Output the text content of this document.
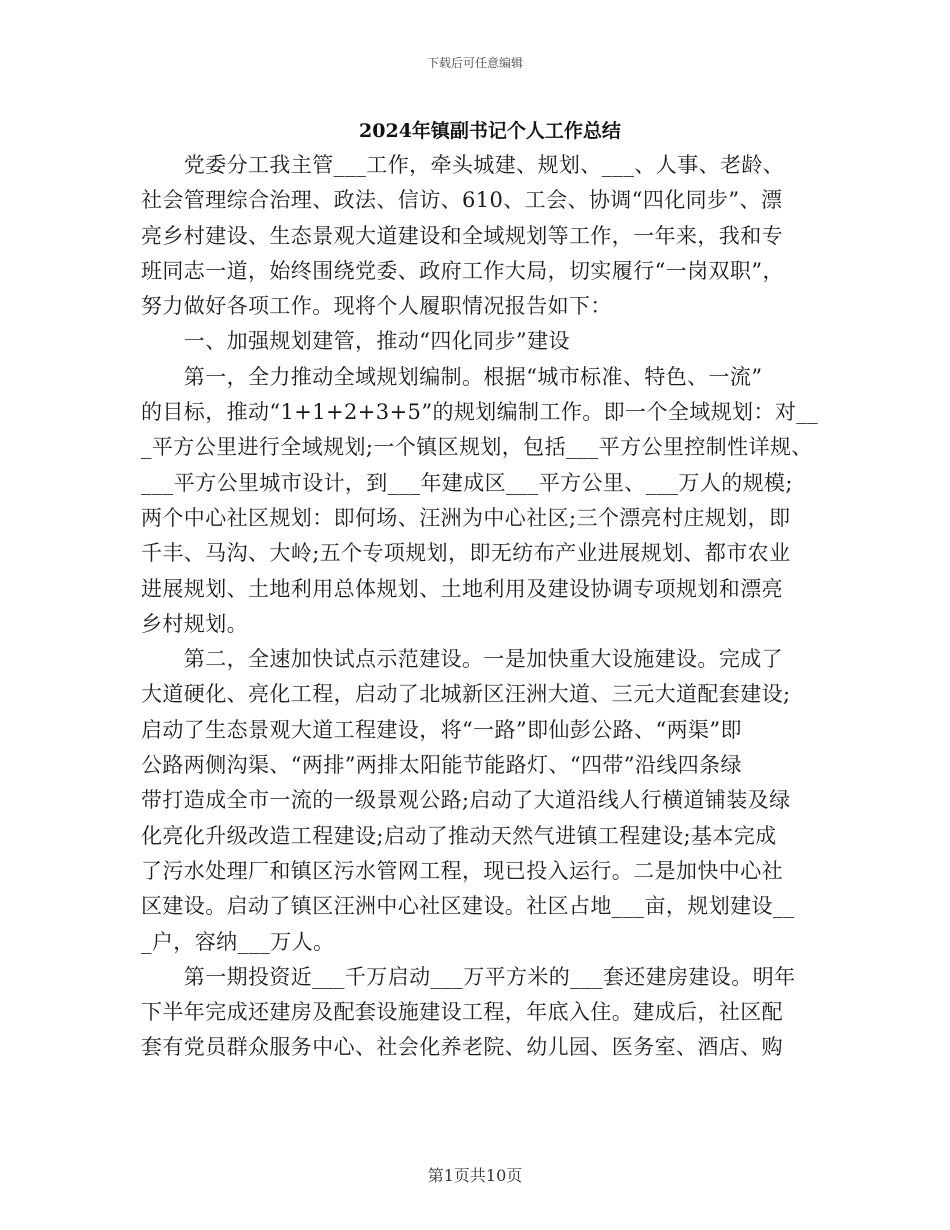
下载后可任意编辑
2024年镇副书记个人工作总结
　　党委分工我主管___工作，牵头城建、规划、___、人事、老龄、
社会管理综合治理、政法、信访、610、工会、协调“四化同步”、漂
亮乡村建设、生态景观大道建设和全域规划等工作，一年来，我和专
班同志一道，始终围绕党委、政府工作大局，切实履行“一岗双职”，
努力做好各项工作。现将个人履职情况报告如下：
　　一、加强规划建管，推动“四化同步”建设
　　第一，全力推动全域规划编制。根据“城市标准、特色、一流”
的目标，推动“1+1+2+3+5”的规划编制工作。即一个全域规划：对__
_平方公里进行全域规划;一个镇区规划，包括___平方公里控制性详规、
___平方公里城市设计，到___年建成区___平方公里、___万人的规模;
两个中心社区规划：即何场、汪洲为中心社区;三个漂亮村庄规划，即
千丰、马沟、大岭;五个专项规划，即无纺布产业进展规划、都市农业
进展规划、土地利用总体规划、土地利用及建设协调专项规划和漂亮
乡村规划。
　　第二，全速加快试点示范建设。一是加快重大设施建设。完成了
大道硬化、亮化工程，启动了北城新区汪洲大道、三元大道配套建设;
启动了生态景观大道工程建设，将“一路”即仙彭公路、“两渠”即
公路两侧沟渠、“两排”两排太阳能节能路灯、“四带”沿线四条绿
带打造成全市一流的一级景观公路;启动了大道沿线人行横道铺装及绿
化亮化升级改造工程建设;启动了推动天然气进镇工程建设;基本完成
了污水处理厂和镇区污水管网工程，现已投入运行。二是加快中心社
区建设。启动了镇区汪洲中心社区建设。社区占地___亩，规划建设__
_户，容纳___万人。
　　第一期投资近___千万启动___万平方米的___套还建房建设。明年
下半年完成还建房及配套设施建设工程，年底入住。建成后，社区配
套有党员群众服务中心、社会化养老院、幼儿园、医务室、酒店、购
第1页共10页
